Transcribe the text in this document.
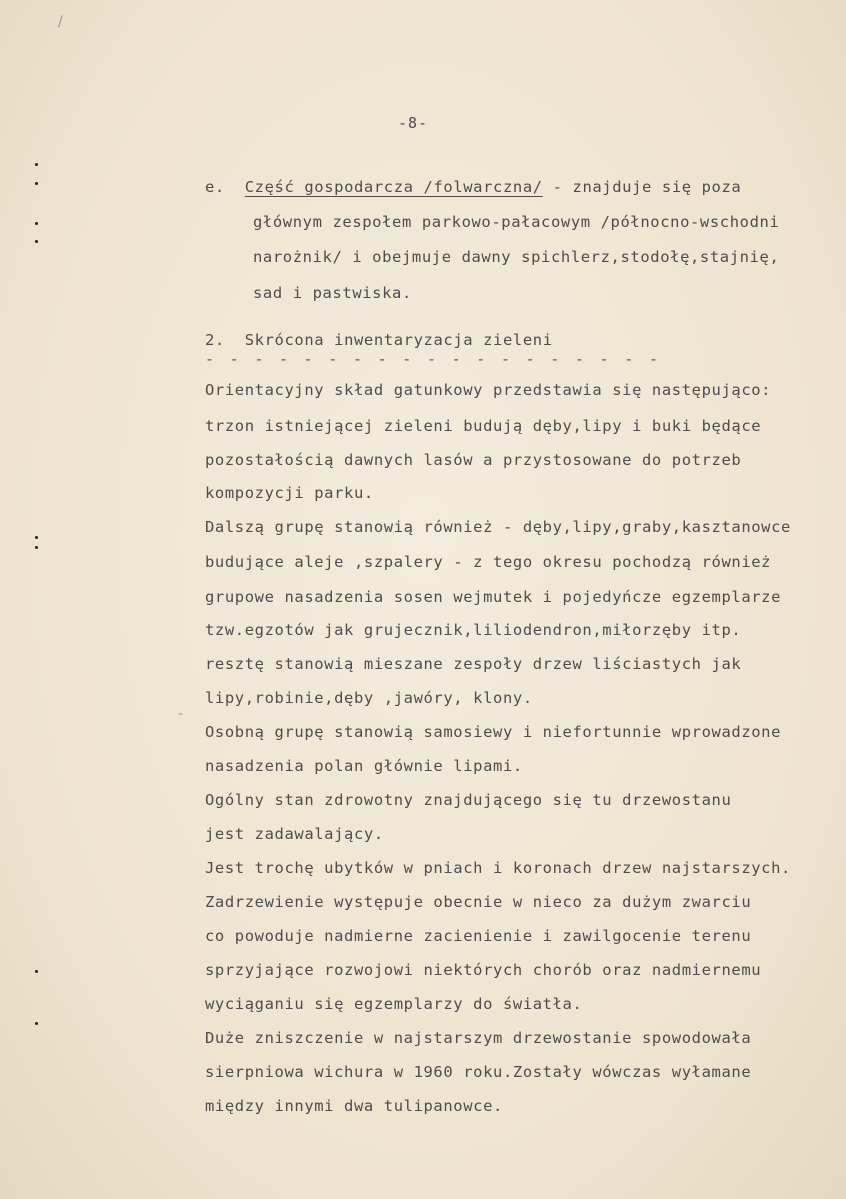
/
-
-8-
e. Część gospodarcza /folwarczna/ - znajduje się poza
głównym zespołem parkowo-pałacowym /północno-wschodni
narożnik/ i obejmuje dawny spichlerz,stodołę,stajnię,
sad i pastwiska.
2. Skrócona inwentaryzacja zieleni
- - - - - - - - - - - - - - - - - - -
Orientacyjny skład gatunkowy przedstawia się następująco:
trzon istniejącej zieleni budują dęby,lipy i buki będące
pozostałością dawnych lasów a przystosowane do potrzeb
kompozycji parku.
Dalszą grupę stanowią również - dęby,lipy,graby,kasztanowce
budujące aleje ,szpalery - z tego okresu pochodzą również
grupowe nasadzenia sosen wejmutek i pojedyńcze egzemplarze
tzw.egzotów jak grujecznik,liliodendron,miłorzęby itp.
resztę stanowią mieszane zespoły drzew liściastych jak
lipy,robinie,dęby ,jawóry, klony.
Osobną grupę stanowią samosiewy i niefortunnie wprowadzone
nasadzenia polan głównie lipami.
Ogólny stan zdrowotny znajdującego się tu drzewostanu
jest zadawalający.
Jest trochę ubytków w pniach i koronach drzew najstarszych.
Zadrzewienie występuje obecnie w nieco za dużym zwarciu
co powoduje nadmierne zacienienie i zawilgocenie terenu
sprzyjające rozwojowi niektórych chorób oraz nadmiernemu
wyciąganiu się egzemplarzy do światła.
Duże zniszczenie w najstarszym drzewostanie spowodowała
sierpniowa wichura w 1960 roku.Zostały wówczas wyłamane
między innymi dwa tulipanowce.
